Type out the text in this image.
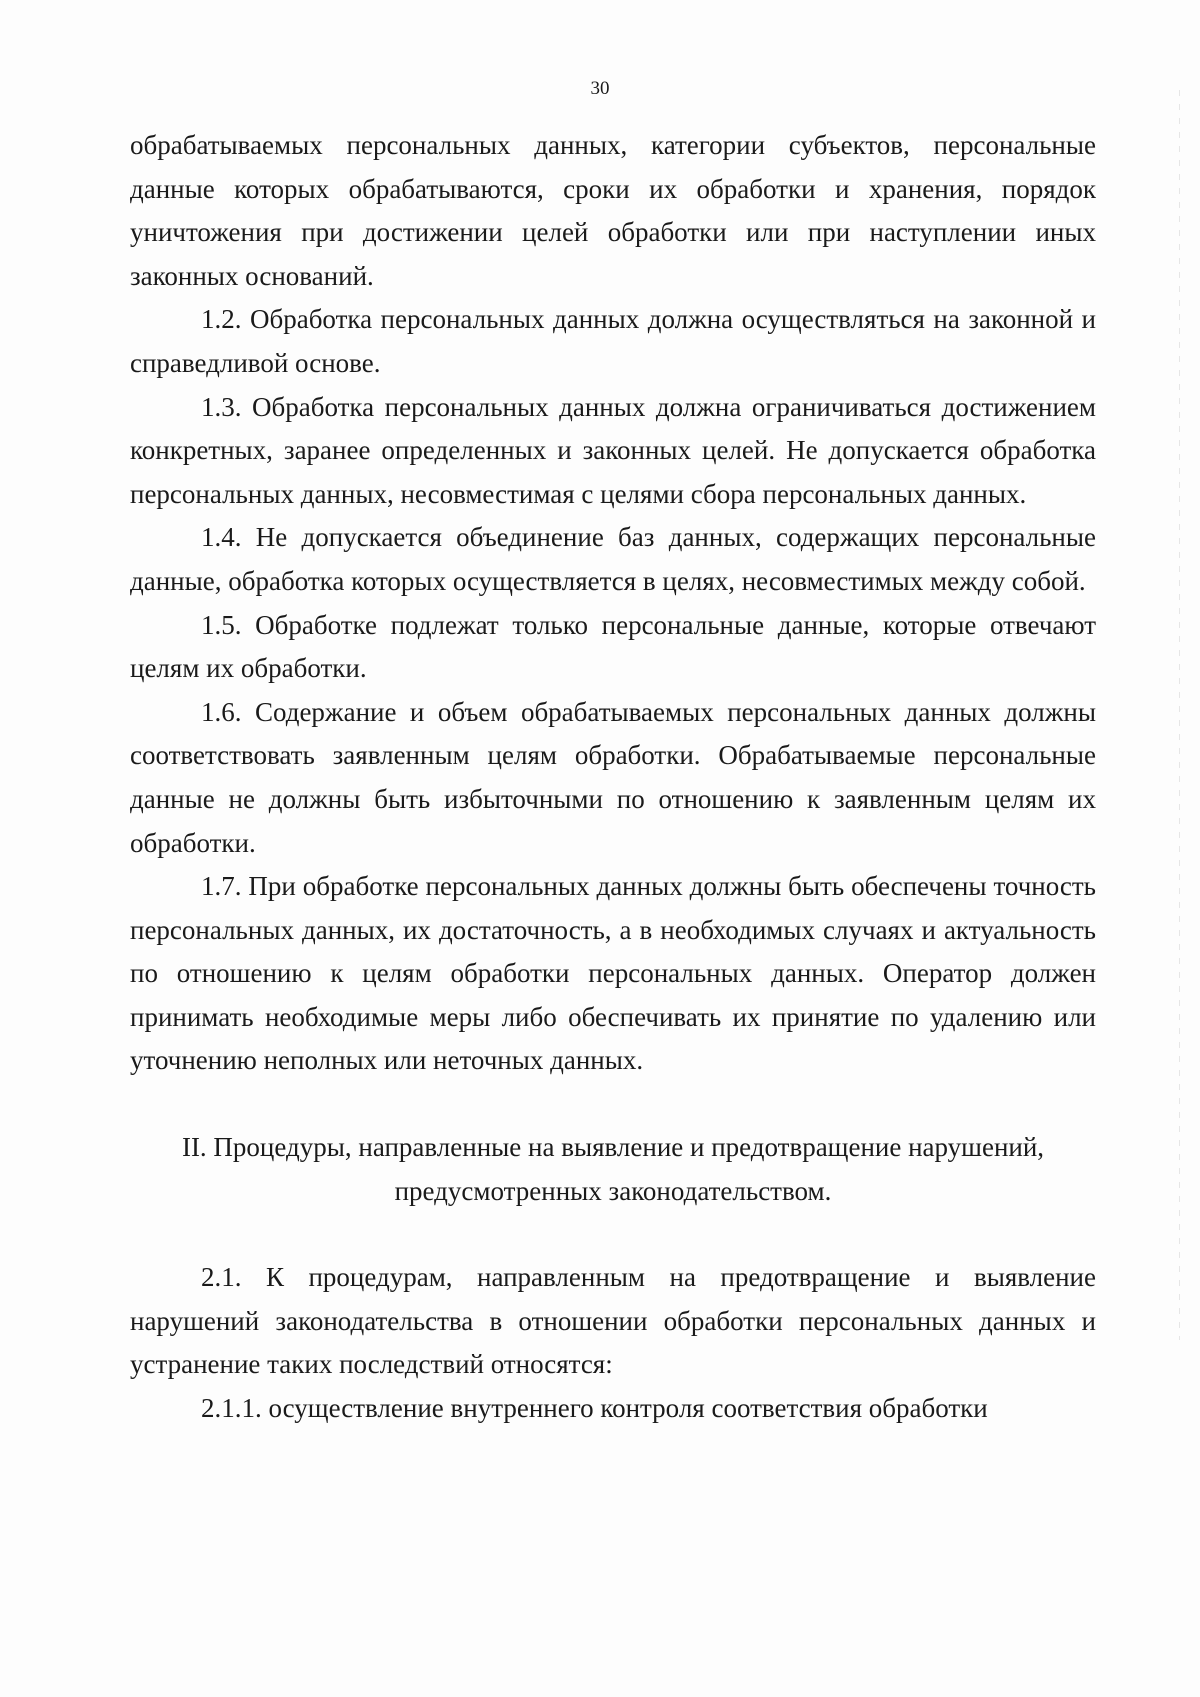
30

обрабатываемых персональных данных, категории субъектов, персональные данные которых обрабатываются, сроки их обработки и хранения, порядок уничтожения при достижении целей обработки или при наступлении иных законных оснований.

1.2. Обработка персональных данных должна осуществляться на законной и справедливой основе.

1.3. Обработка персональных данных должна ограничиваться достижением конкретных, заранее определенных и законных целей. Не допускается обработка персональных данных, несовместимая с целями сбора персональных данных.

1.4. Не допускается объединение баз данных, содержащих персональные данные, обработка которых осуществляется в целях, несовместимых между собой.

1.5. Обработке подлежат только персональные данные, которые отвечают целям их обработки.

1.6. Содержание и объем обрабатываемых персональных данных должны соответствовать заявленным целям обработки. Обрабатываемые персональные данные не должны быть избыточными по отношению к заявленным целям их обработки.

1.7. При обработке персональных данных должны быть обеспечены точность персональных данных, их достаточность, а в необходимых случаях и актуальность по отношению к целям обработки персональных данных. Оператор должен принимать необходимые меры либо обеспечивать их принятие по удалению или уточнению неполных или неточных данных.

II. Процедуры, направленные на выявление и предотвращение нарушений,
предусмотренных законодательством.

2.1. К процедурам, направленным на предотвращение и выявление нарушений законодательства в отношении обработки персональных данных и устранение таких последствий относятся:

2.1.1. осуществление внутреннего контроля соответствия обработки
